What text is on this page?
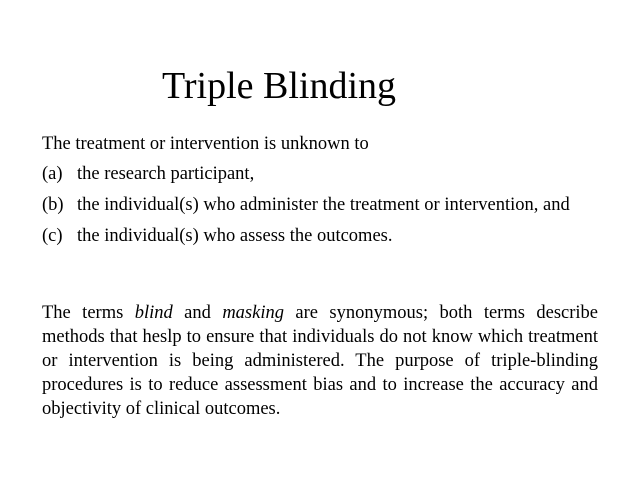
Triple Blinding
The treatment or intervention is unknown to
(a) the research participant,
(b) the individual(s) who administer the treatment or intervention, and
(c) the individual(s) who assess the outcomes.

The terms blind and masking are synonymous; both terms describe methods that heslp to ensure that individuals do not know which treatment or intervention is being administered. The purpose of triple-blinding procedures is to reduce assessment bias and to increase the accuracy and objectivity of clinical outcomes.
